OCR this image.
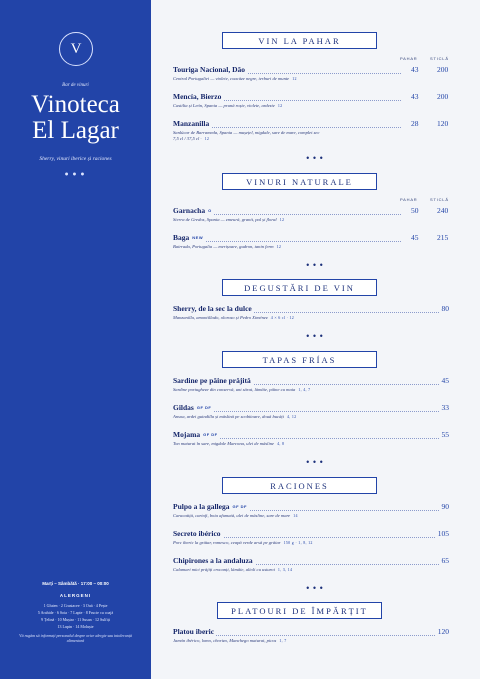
V
Bar de vinuri
Vinoteca
El Lagar
Sherry, vinuri iberice și raciones
•••
Marți – Sâmbătă · 17:00 – 00:00
ALERGENI
1 Gluten · 2 Crustacee · 3 Ouă · 4 Pește
5 Arahide · 6 Soia · 7 Lapte · 8 Fructe cu coajă
9 Țelină · 10 Muștar · 11 Susan · 12 Sulfiți
13 Lupin · 14 Moluște
Vă rugăm să informați personalul despre orice alergie sau intoleranță alimentară
VIN LA PAHAR
PAHAR	STICLĂ
Touriga Nacional, Dão	43	200
Central Portugaliei — violete, coacăze negre, ierburi de munte 12
Mencía, Bierzo	43	200
Castilia și León, Spania — prună roșie, violete, ardezie 12
Manzanilla	28	120
Sanlúcar de Barrameda, Spania — mușețel, migdale, sare de mare, complet sec
7,5 cl / 37,5 cl · 12
•••
VINURI NATURALE
PAHAR	STICLĂ
Garnacha O	50	240
Sierra de Gredos, Spania — zmeură, granit, pal și floral 12
Baga NEW	45	215
Bairrada, Portugalia — merișoare, gudron, tanin ferm 12
•••
DEGUSTĂRI DE VIN
Sherry, de la sec la dulce	80
Manzanilla, amontillado, oloroso și Pedro Ximénez 4 × 6 cl · 12
•••
TAPAS FRÍAS
Sardine pe pâine prăjită	45
Sardine portugheze din conservă, unt sărat, lămâie, pâine cu maia 1, 4, 7
Gildas GF DF	33
Ansoa, ardei guindilla și măslină pe scobitoare, două bucăți 4, 12
Mojama GF DF	55
Ton maturat în sare, migdale Marcona, ulei de măsline 4, 8
•••
RACIONES
Pulpo a la gallega GF DF	90
Caracatiță, cartofi, boia afumată, ulei de măsline, sare de mare 14
Secreto ibérico	105
Porc iberic la grătar, romesco, ceapă verde arsă pe grătar 150 g · 1, 8, 12
Chipirones a la andaluza	65
Calamari mici prăjiți crocanți, lămâie, alioli cu usturoi 1, 3, 14
•••
PLATOURI DE ÎMPĂRȚIT
Platou iberic	120
Jamón ibérico, lomo, chorizo, Manchego maturat, picos 1, 7
